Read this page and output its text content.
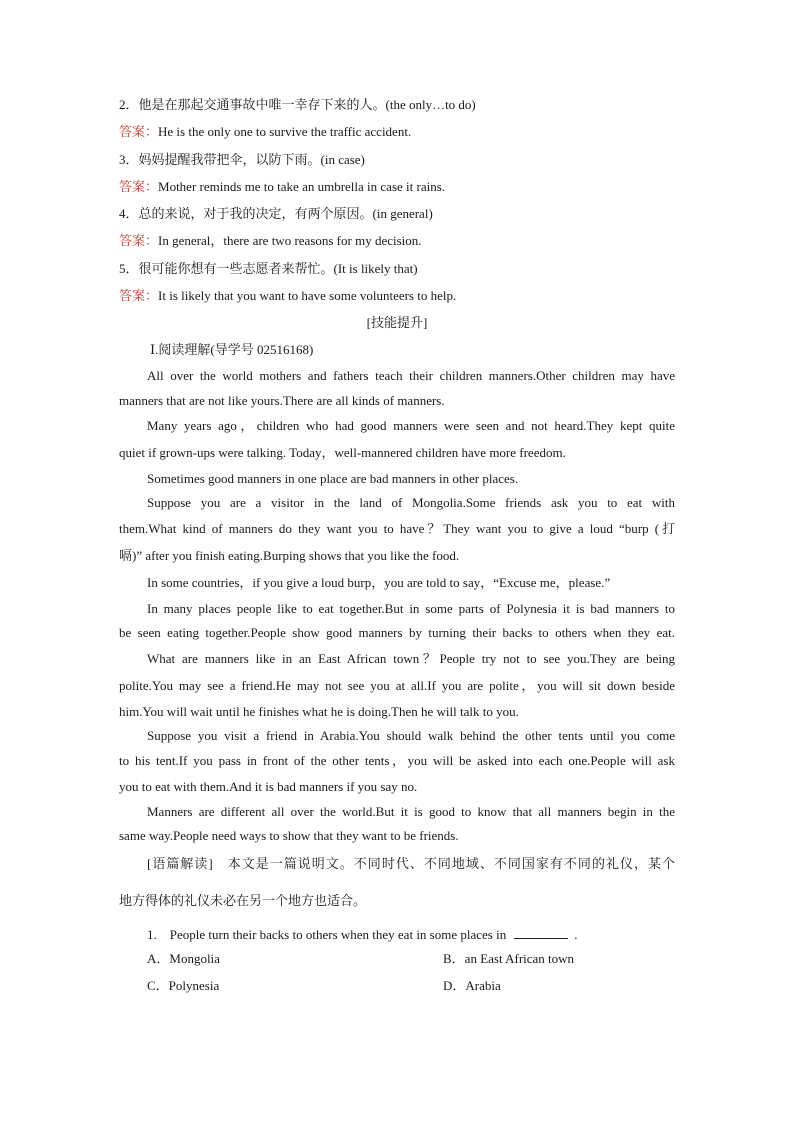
2．他是在那起交通事故中唯一幸存下来的人。(the only…to do)
答案：He is the only one to survive the traffic accident.
3．妈妈提醒我带把伞，以防下雨。(in case)
答案：Mother reminds me to take an umbrella in case it rains.
4．总的来说，对于我的决定，有两个原因。(in general)
答案：In general，there are two reasons for my decision.
5．很可能你想有一些志愿者来帮忙。(It is likely that)
答案：It is likely that you want to have some volunteers to help.
[技能提升]
Ⅰ.阅读理解(导学号 02516168)
All over the world mothers and fathers teach their children manners.Other children may have
manners that are not like yours.There are all kinds of manners.
Many years ago，children who had good manners were seen and not heard.They kept quite
quiet if grown-ups were talking. Today，well-mannered children have more freedom.
Sometimes good manners in one place are bad manners in other places.
Suppose you are a visitor in the land of Mongolia.Some friends ask you to eat with
them.What kind of manners do they want you to have？They want you to give a loud “burp (打
嗝)” after you finish eating.Burping shows that you like the food.
In some countries，if you give a loud burp，you are told to say，“Excuse me，please.”
In many places people like to eat together.But in some parts of Polynesia it is bad manners to
be seen eating together.People show good manners by turning their backs to others when they eat.
What are manners like in an East African town？People try not to see you.They are being
polite.You may see a friend.He may not see you at all.If you are polite，you will sit down beside
him.You will wait until he finishes what he is doing.Then he will talk to you.
Suppose you visit a friend in Arabia.You should walk behind the other tents until you come
to his tent.If you pass in front of the other tents，you will be asked into each one.People will ask
you to eat with them.And it is bad manners if you say no.
Manners are different all over the world.But it is good to know that all manners begin in the
same way.People need ways to show that they want to be friends.
[语篇解读]　本文是一篇说明文。不同时代、不同地域、不同国家有不同的礼仪，某个
地方得体的礼仪未必在另一个地方也适合。
1.　People turn their backs to others when they eat in some places in	.
A．Mongolia	B．an East African town
C．Polynesia	D．Arabia
